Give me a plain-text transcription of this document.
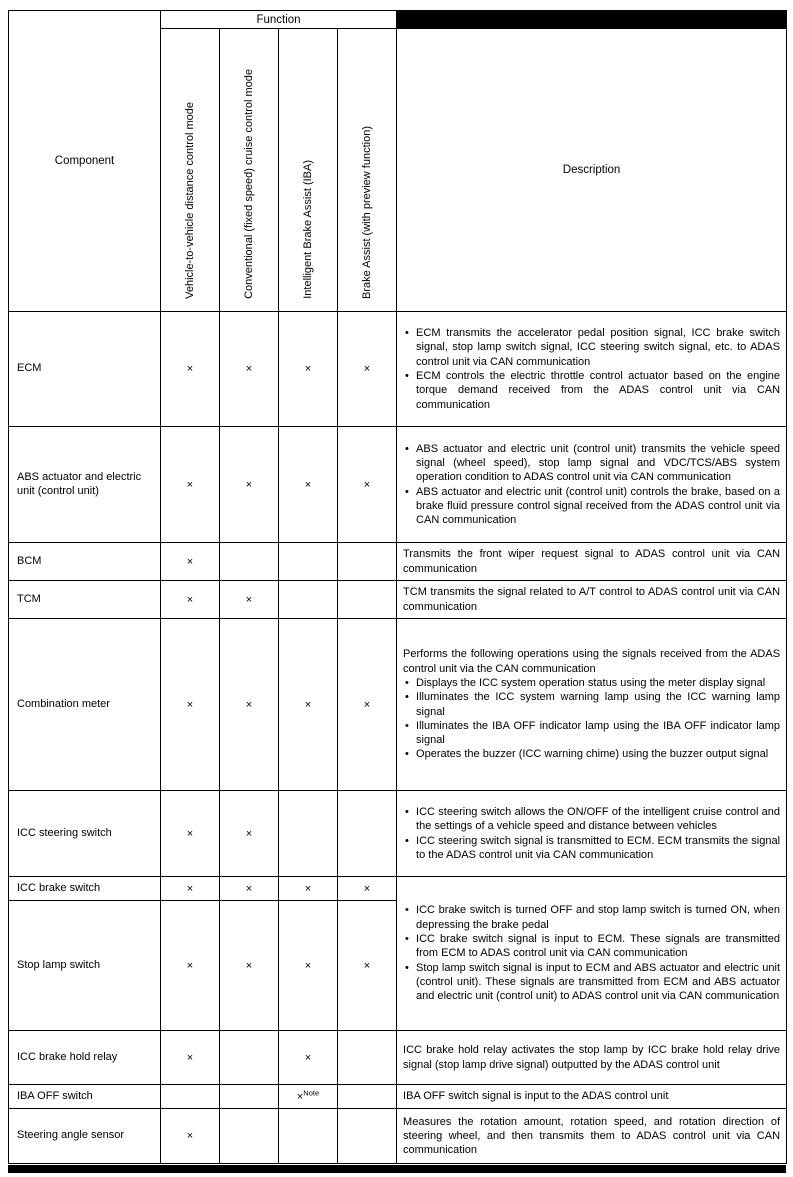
Component	Function				
	Vehicle-to-vehicle distance control mode	Conventional (fixed speed) cruise control mode	Intelligent Brake Assist (IBA)	Brake Assist (with preview function)	Description
ECM	×	×	×	×	• ECM transmits the accelerator pedal position signal, ICC brake switch signal, stop lamp switch signal, ICC steering switch signal, etc. to ADAS control unit via CAN communication
• ECM controls the electric throttle control actuator based on the engine torque demand received from the ADAS control unit via CAN communication

ABS actuator and electric unit (control unit)	×	×	×	×	• ABS actuator and electric unit (control unit) transmits the vehicle speed signal (wheel speed), stop lamp signal and VDC/TCS/ABS system operation condition to ADAS control unit via CAN communication
• ABS actuator and electric unit (control unit) controls the brake, based on a brake fluid pressure control signal received from the ADAS control unit via CAN communication

BCM	×				Transmits the front wiper request signal to ADAS control unit via CAN communication

TCM	×	×			TCM transmits the signal related to A/T control to ADAS control unit via CAN communication

Combination meter	×	×	×	×	
Performs the following operations using the signals received from the ADAS control unit via the CAN communication
• Displays the ICC system operation status using the meter display signal
• Illuminates the ICC system warning lamp using the ICC warning lamp signal
• Illuminates the IBA OFF indicator lamp using the IBA OFF indicator lamp signal
• Operates the buzzer (ICC warning chime) using the buzzer output signal

ICC steering switch	×	×			• ICC steering switch allows the ON/OFF of the intelligent cruise control and the settings of a vehicle speed and distance between vehicles
• ICC steering switch signal is transmitted to ECM. ECM transmits the signal to the ADAS control unit via CAN communication

ICC brake switch	×	×	×	×	
• ICC brake switch is turned OFF and stop lamp switch is turned ON, when depressing the brake pedal
• ICC brake switch signal is input to ECM. These signals are transmitted from ECM to ADAS control unit via CAN communication
• Stop lamp switch signal is input to ECM and ABS actuator and electric unit (control unit). These signals are transmitted from ECM and ABS actuator and electric unit (control unit) to ADAS control unit via CAN communication

Stop lamp switch	×	×	×	×	
ICC brake hold relay	×		×		ICC brake hold relay activates the stop lamp by ICC brake hold relay drive signal (stop lamp drive signal) outputted by the ADAS control unit

IBA OFF switch			×$^{Note}$		IBA OFF switch signal is input to the ADAS control unit

Steering angle sensor	×				Measures the rotation amount, rotation speed, and rotation direction of steering wheel, and then transmits them to ADAS control unit via CAN communication
